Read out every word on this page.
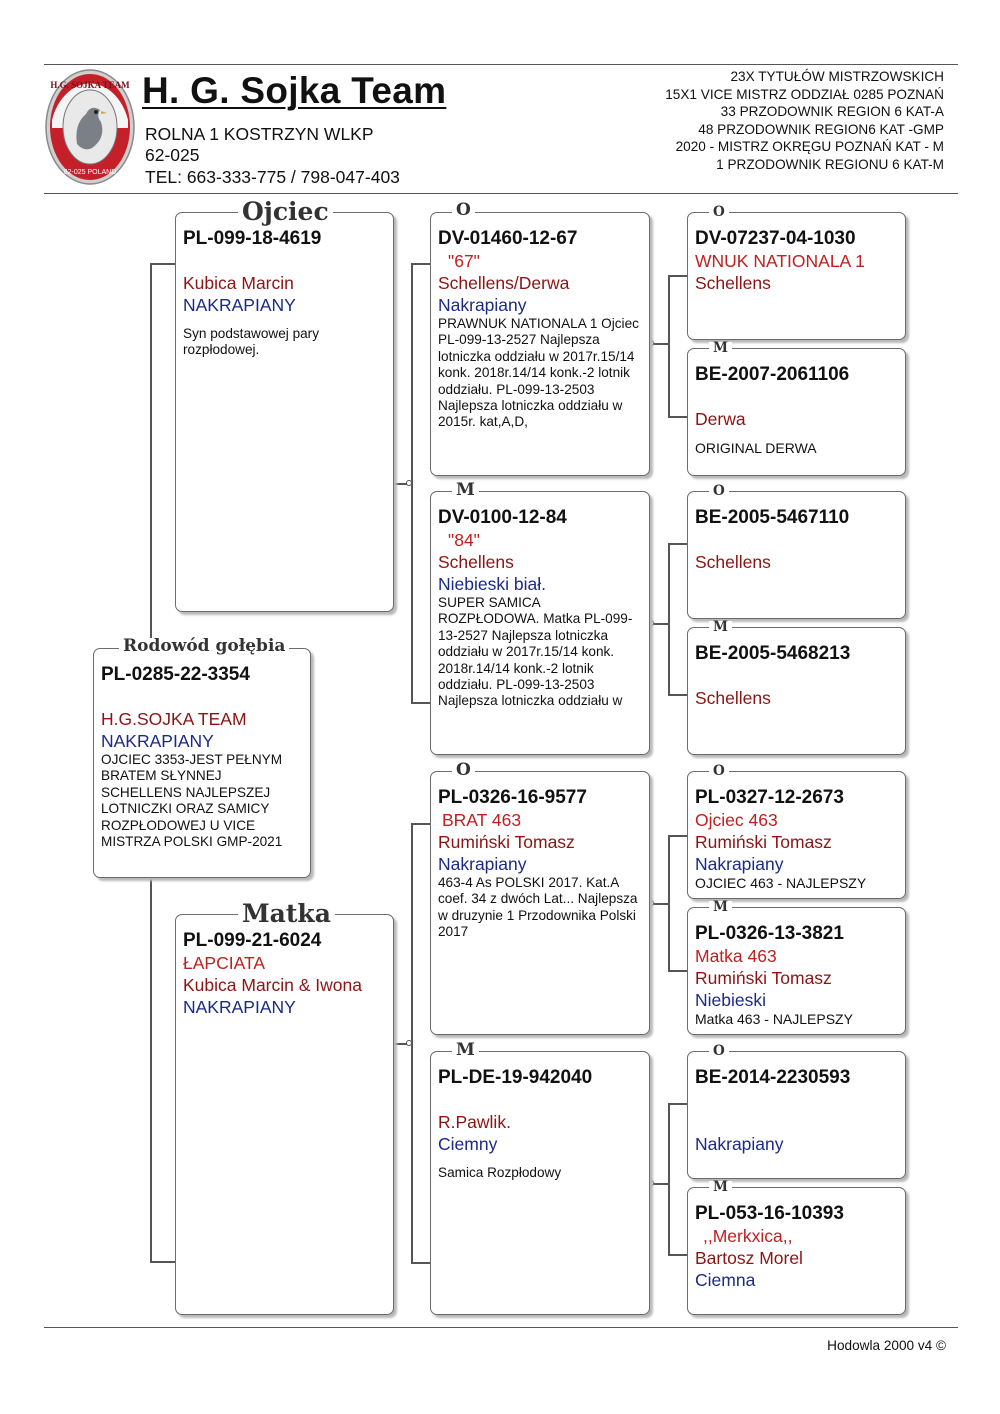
H.G. SOJKA TEAM
62-025 POLAND
H. G. Sojka Team
ROLNA 1 KOSTRZYN WLKP
62-025
TEL: 663-333-775 / 798-047-403
23X TYTUŁÓW MISTRZOWSKICH
15X1 VICE MISTRZ ODDZIAŁ 0285 POZNAŃ
33 PRZODOWNIK REGION 6 KAT-A
48 PRZODOWNIK REGION6 KAT -GMP
2020 - MISTRZ OKRĘGU POZNAŃ KAT - M
1 PRZODOWNIK REGIONU 6 KAT-M
PL-099-18-4619
Kubica Marcin
NAKRAPIANY
Syn podstawowej pary rozpłodowej.
Ojciec
PL-0285-22-3354
H.G.SOJKA TEAM
NAKRAPIANY
OJCIEC 3353-JEST PEŁNYM BRATEM SŁYNNEJ SCHELLENS NAJLEPSZEJ LOTNICZKI ORAZ SAMICY ROZPŁODOWEJ U VICE MISTRZA POLSKI GMP-2021
Rodowód gołębia
PL-099-21-6024
ŁAPCIATA
Kubica Marcin & Iwona
NAKRAPIANY
Matka
DV-01460-12-67
"67"
Schellens/Derwa
Nakrapiany
PRAWNUK NATIONALA 1 Ojciec PL-099-13-2527 Najlepsza lotniczka oddziału w 2017r.15/14 konk. 2018r.14/14 konk.-2 lotnik oddziału. PL-099-13-2503 Najlepsza lotniczka oddziału w 2015r. kat,A,D,
O
DV-0100-12-84
"84"
Schellens
Niebieski biał.
SUPER SAMICA ROZPŁODOWA. Matka PL-099-13-2527 Najlepsza lotniczka oddziału w 2017r.15/14 konk. 2018r.14/14 konk.-2 lotnik oddziału. PL-099-13-2503 Najlepsza lotniczka oddziału w
M
PL-0326-16-9577
BRAT 463
Rumiński Tomasz
Nakrapiany
463-4 As POLSKI 2017. Kat.A coef. 34 z dwóch Lat... Najlepsza w druzynie 1 Przodownika Polski 2017
O
PL-DE-19-942040
R.Pawlik.
Ciemny
Samica Rozpłodowy
M
DV-07237-04-1030
WNUK NATIONALA 1
Schellens
O
BE-2007-2061106
Derwa
ORIGINAL DERWA
M
BE-2005-5467110
Schellens
O
BE-2005-5468213
Schellens
M
PL-0327-12-2673
Ojciec 463
Rumiński Tomasz
Nakrapiany
OJCIEC 463 - NAJLEPSZY
O
PL-0326-13-3821
Matka 463
Rumiński Tomasz
Niebieski
Matka 463 - NAJLEPSZY
M
BE-2014-2230593
Nakrapiany
O
PL-053-16-10393
,,Merkxica,,
Bartosz Morel
Ciemna
M
Hodowla 2000 v4 ©
